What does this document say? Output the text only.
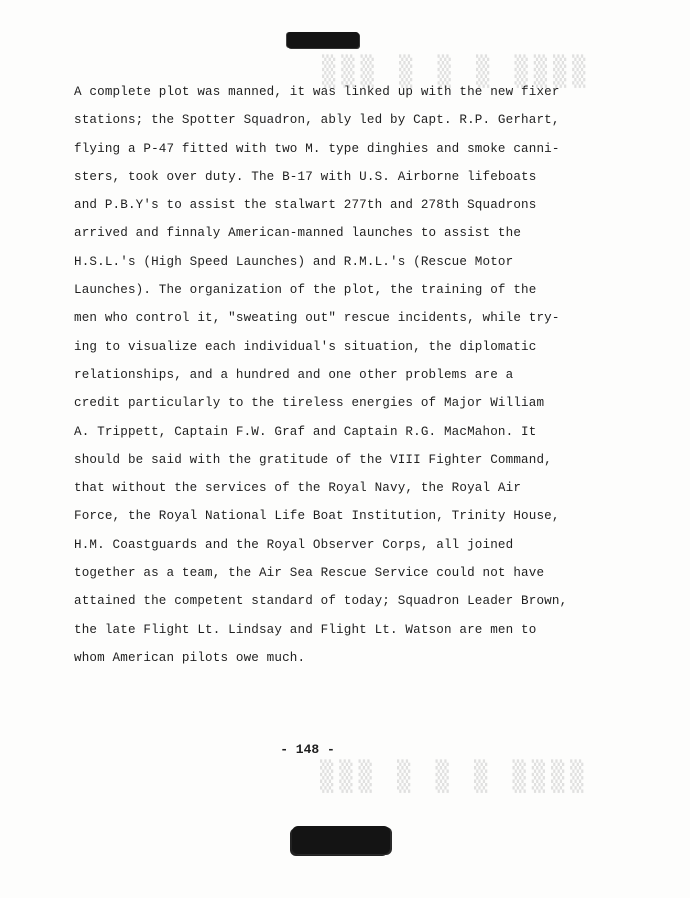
▒▒▒ ▒ ▒ ▒ ▒▒▒▒
A complete plot was manned, it was linked up with the new fixer
stations; the Spotter Squadron, ably led by Capt. R.P. Gerhart,
flying a P-47 fitted with two M. type dinghies and smoke canni-
sters, took over duty. The B-17 with U.S. Airborne lifeboats
and P.B.Y's to assist the stalwart 277th and 278th Squadrons
arrived and finnaly American-manned launches to assist the
H.S.L.'s (High Speed Launches) and R.M.L.'s (Rescue Motor
Launches). The organization of the plot, the training of the
men who control it, "sweating out" rescue incidents, while try-
ing to visualize each individual's situation, the diplomatic
relationships, and a hundred and one other problems are a
credit particularly to the tireless energies of Major William
A. Trippett, Captain F.W. Graf and Captain R.G. MacMahon. It
should be said with the gratitude of the VIII Fighter Command,
that without the services of the Royal Navy, the Royal Air
Force, the Royal National Life Boat Institution, Trinity House,
H.M. Coastguards and the Royal Observer Corps, all joined
together as a team, the Air Sea Rescue Service could not have
attained the competent standard of today; Squadron Leader Brown,
the late Flight Lt. Lindsay and Flight Lt. Watson are men to
whom American pilots owe much.
- 148 -
▒▒▒ ▒ ▒ ▒ ▒▒▒▒
